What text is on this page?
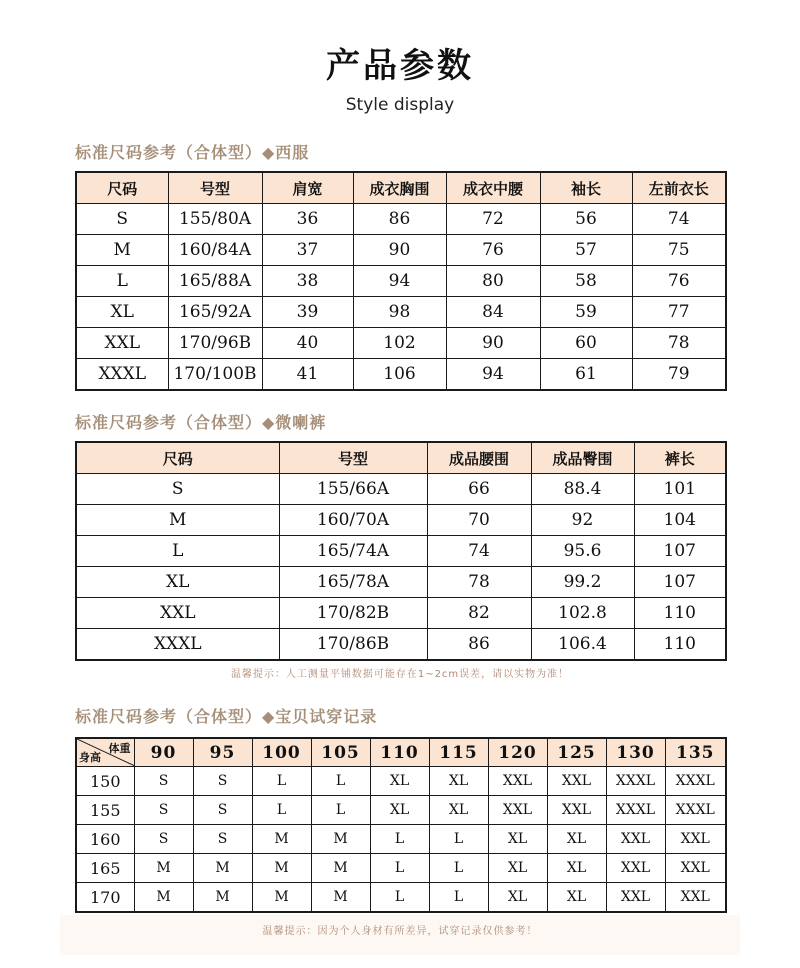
产品参数
Style display
标准尺码参考（合体型）◆西服
尺码	号型	肩宽	成衣胸围	成衣中腰	袖长	左前衣长
S	155/80A	36	86	72	56	74
M	160/84A	37	90	76	57	75
L	165/88A	38	94	80	58	76
XL	165/92A	39	98	84	59	77
XXL	170/96B	40	102	90	60	78
XXXL	170/100B	41	106	94	61	79
标准尺码参考（合体型）◆微喇裤
尺码	号型	成品腰围	成品臀围	裤长
S	155/66A	66	88.4	101
M	160/70A	70	92	104
L	165/74A	74	95.6	107
XL	165/78A	78	99.2	107
XXL	170/82B	82	102.8	110
XXXL	170/86B	86	106.4	110
温馨提示：人工测量平铺数据可能存在1~2cm误差，请以实物为准！
标准尺码参考（合体型）◆宝贝试穿记录
体重
身高	90	95	100	105	110	115	120	125	130	135
150	S	S	L	L	XL	XL	XXL	XXL	XXXL	XXXL
155	S	S	L	L	XL	XL	XXL	XXL	XXXL	XXXL
160	S	S	M	M	L	L	XL	XL	XXL	XXL
165	M	M	M	M	L	L	XL	XL	XXL	XXL
170	M	M	M	M	L	L	XL	XL	XXL	XXL
温馨提示：因为个人身材有所差异，试穿记录仅供参考！
